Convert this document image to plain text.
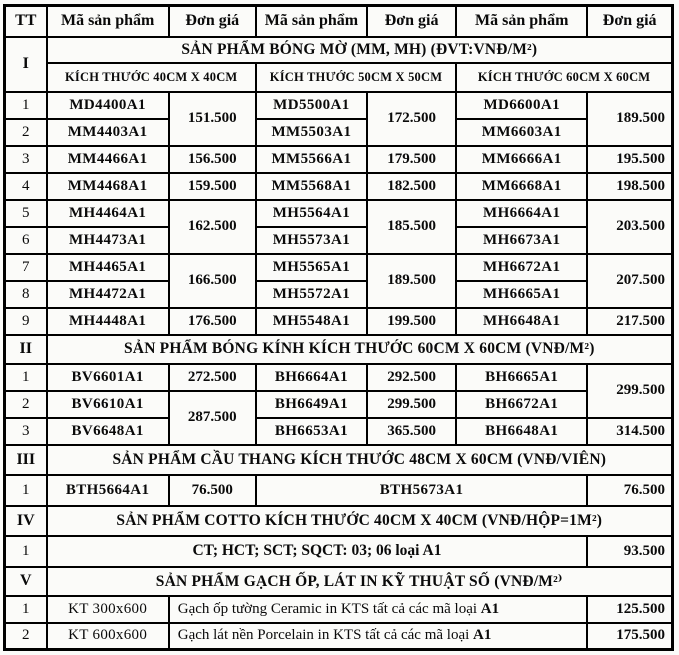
TT	Mã sản phẩm	Đơn giá	Mã sản phẩm	Đơn giá	Mã sản phẩm	Đơn giá
I	SẢN PHẨM BÓNG MỜ (MM, MH) (ĐVT:VNĐ/M²)					
	KÍCH THƯỚC 40CM X 40CM		KÍCH THƯỚC 50CM X 50CM		KÍCH THƯỚC 60CM X 60CM	
1	MD4400A1	151.500	MD5500A1	172.500	MD6600A1	189.500
2	MM4403A1		MM5503A1		MM6603A1	
3	MM4466A1	156.500	MM5566A1	179.500	MM6666A1	195.500
4	MM4468A1	159.500	MM5568A1	182.500	MM6668A1	198.500
5	MH4464A1	162.500	MH5564A1	185.500	MH6664A1	203.500
6	MH4473A1		MH5573A1		MH6673A1	
7	MH4465A1	166.500	MH5565A1	189.500	MH6672A1	207.500
8	MH4472A1		MH5572A1		MH6665A1	
9	MH4448A1	176.500	MH5548A1	199.500	MH6648A1	217.500
II	SẢN PHẨM BÓNG KÍNH KÍCH THƯỚC 60CM X 60CM (VNĐ/M²)					
1	BV6601A1	272.500	BH6664A1	292.500	BH6665A1	299.500
2	BV6610A1	287.500	BH6649A1	299.500	BH6672A1	
3	BV6648A1		BH6653A1	365.500	BH6648A1	314.500
III	SẢN PHẨM CẦU THANG KÍCH THƯỚC 48CM X 60CM (VNĐ/VIÊN)					
1	BTH5664A1	76.500	BTH5673A1			76.500
IV	SẢN PHẨM COTTO KÍCH THƯỚC 40CM X 40CM (VNĐ/HỘP=1M²)					
1	CT; HCT; SCT; SQCT: 03; 06 loại A1					93.500
V	SẢN PHẨM GẠCH ỐP, LÁT IN KỸ THUẬT SỐ (VNĐ/M²⁾					
1	KT 300x600	Gạch ốp tường Ceramic in KTS tất cả các mã loại A1				125.500
2	KT 600x600	Gạch lát nền Porcelain in KTS tất cả các mã loại A1				175.500
